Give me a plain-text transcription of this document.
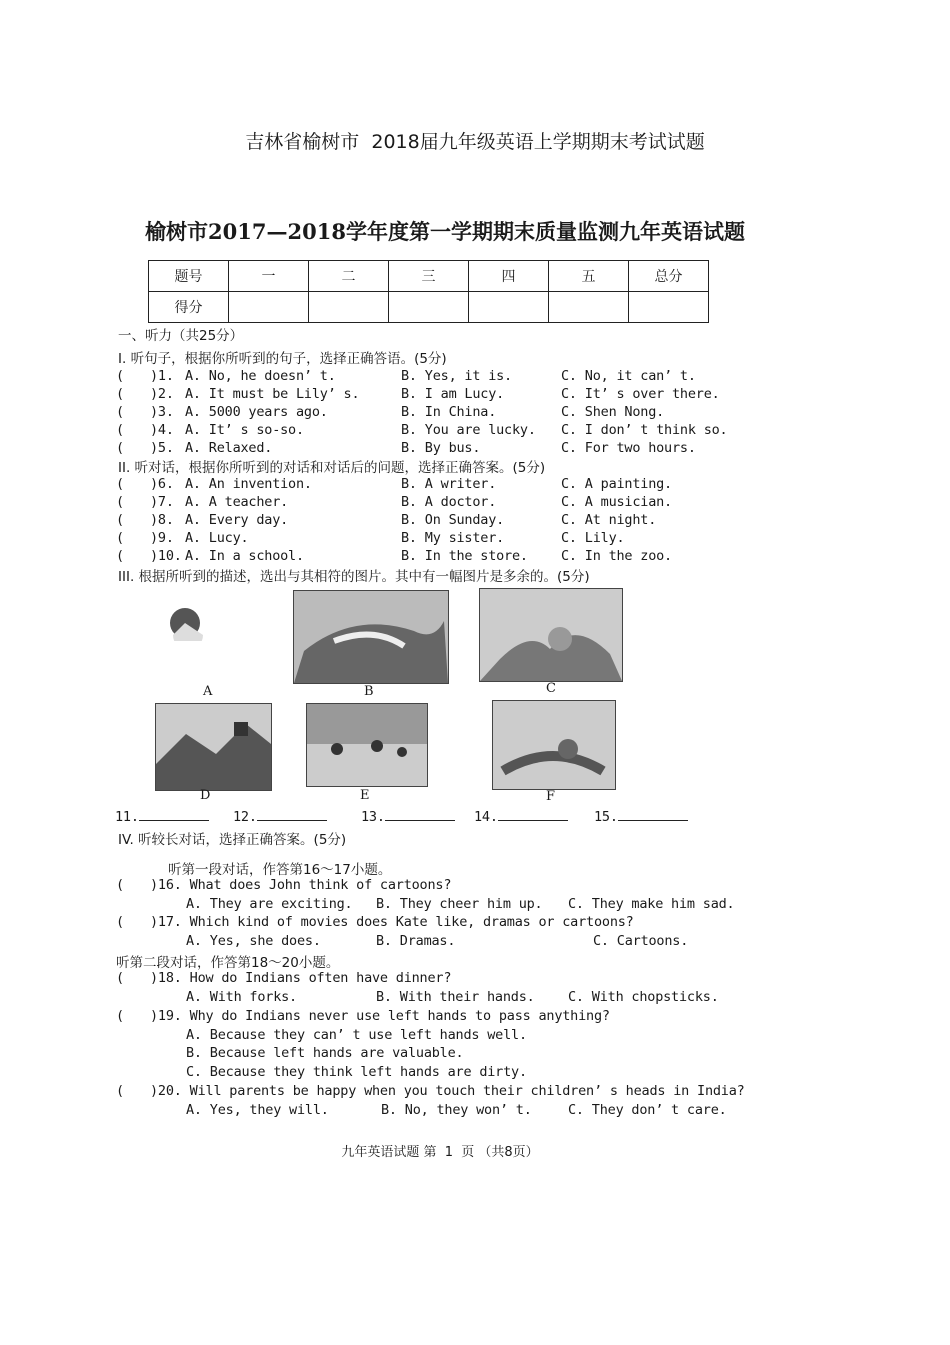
吉林省榆树市  2018届九年级英语上学期期末考试试题
榆树市2017—2018学年度第一学期期末质量监测九年英语试题
题号	一	二	三	四	五	总分
得分						
一、听力（共25分）
I. 听句子，根据你所听到的句子，选择正确答语。(5分)
( )1. A. No, he doesn’ t.	B. Yes, it is.	C. No, it can’ t.
( )2. A. It must be Lily’ s.	B. I am Lucy.	C. It’ s over there.
( )3. A. 5000 years ago.	B. In China.	C. Shen Nong.
( )4. A. It’ s so-so.	B. You are lucky. C. I don’ t think so.
( )5. A. Relaxed.	B. By bus.	C. For two hours.
II. 听对话，根据你所听到的对话和对话后的问题，选择正确答案。(5分)
( )6. A. An invention.	B. A writer.	C. A painting.
( )7. A. A teacher.	B. A doctor.	C. A musician.
( )8. A. Every day.	B. On Sunday.	C. At night.
( )9. A. Lucy.	B. My sister.	C. Lily.
( )10. A. In a school.	B. In the store. C. In the zoo.
III. 根据所听到的描述，选出与其相符的图片。其中有一幅图片是多余的。(5分)
A	B	C
D	E	F
11.	12.	13.	14.	15.
IV. 听较长对话，选择正确答案。(5分)
听第一段对话，作答第16～17小题。
( )16. What does John think of cartoons?
A. They are exciting. B. They cheer him up. C. They make him sad.
( )17. Which kind of movies does Kate like, dramas or cartoons?
A. Yes, she does.	B. Dramas.	C. Cartoons.
听第二段对话，作答第18～20小题。
( )18. How do Indians often have dinner?
A. With forks.	B. With their hands. C. With chopsticks.
( )19. Why do Indians never use left hands to pass anything?
A. Because they can’ t use left hands well.
B. Because left hands are valuable.
C. Because they think left hands are dirty.
( )20. Will parents be happy when you touch their children’ s heads in India?
A. Yes, they will.	B. No, they won’ t.	C. They don’ t care.
九年英语试题 第  1  页 （共8页）
